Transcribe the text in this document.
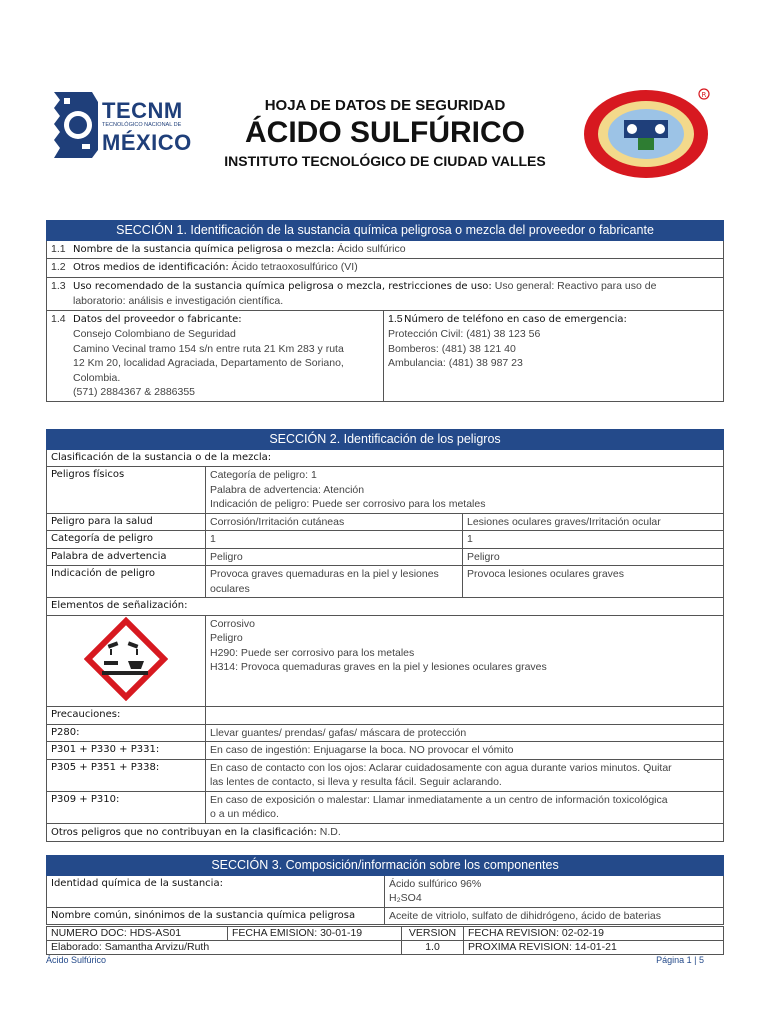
TECNM
TECNOLÓGICO NACIONAL DE
MÉXICO
HOJA DE DATOS DE SEGURIDAD
ÁCIDO SULFÚRICO
INSTITUTO TECNOLÓGICO DE CIUDAD VALLES
R
SECCIÓN 1. Identificación de la sustancia química peligrosa o mezcla del proveedor o fabricante
1.1 Nombre de la sustancia química peligrosa o mezcla: Ácido sulfúrico
1.2 Otros medios de identificación: Ácido tetraoxosulfúrico (VI)
1.3 Uso recomendado de la sustancia química peligrosa o mezcla, restricciones de uso: Uso general: Reactivo para uso de
laboratorio: análisis e investigación científica.
1.4 Datos del proveedor o fabricante:

Consejo Colombiano de Seguridad
Camino Vecinal tramo 154 s/n entre ruta 21 Km 283 y ruta
12 Km 20, localidad Agraciada, Departamento de Soriano,
Colombia.
(571) 2884367 & 2886355
	1.5Número de teléfono en caso de emergencia:
Protección Civil: (481) 38 123 56
Bomberos: (481) 38 121 40
Ambulancia: (481) 38 987 23
SECCIÓN 2. Identificación de los peligros		
Clasificación de la sustancia o de la mezcla:		
Peligros físicos	Categoría de peligro: 1
Palabra de advertencia: Atención
Indicación de peligro: Puede ser corrosivo para los metales	

Peligro para la salud	Corrosión/Irritación cutáneas	Lesiones oculares graves/Irritación ocular
Categoría de peligro	1	1
Palabra de advertencia	Peligro	Peligro
Indicación de peligro	Provoca graves quemaduras en la piel y lesiones
oculares	Provoca lesiones oculares graves
Elementos de señalización:		

Corrosivo
Peligro
H290: Puede ser corrosivo para los metales
H314: Provoca quemaduras graves en la piel y lesiones oculares graves	

Precauciones:		
P280:	Llevar guantes/ prendas/ gafas/ máscara de protección	
P301 + P330 + P331:	En caso de ingestión: Enjuagarse la boca. NO provocar el vómito	
P305 + P351 + P338:	En caso de contacto con los ojos: Aclarar cuidadosamente con agua durante varios minutos. Quitar
las lentes de contacto, si lleva y resulta fácil. Seguir aclarando.	

P309 + P310:	En caso de exposición o malestar: Llamar inmediatamente a un centro de información toxicológica
o a un médico.	

Otros peligros que no contribuyan en la clasificación: N.D.		
SECCIÓN 3. Composición/información sobre los componentes	
Identidad química de la sustancia:	Ácido sulfúrico 96%
H₂SO4

Nombre común, sinónimos de la sustancia química peligrosa	Aceite de vitriolo, sulfato de dihidrógeno, ácido de baterias
NUMERO DOC: HDS-AS01	FECHA EMISION: 30-01-19	VERSION	FECHA REVISION: 02-02-19
Elaborado: Samantha Arvizu/Ruth		1.0	PROXIMA REVISION: 14-01-21
Ácido Sulfúrico	Página 1 | 5
